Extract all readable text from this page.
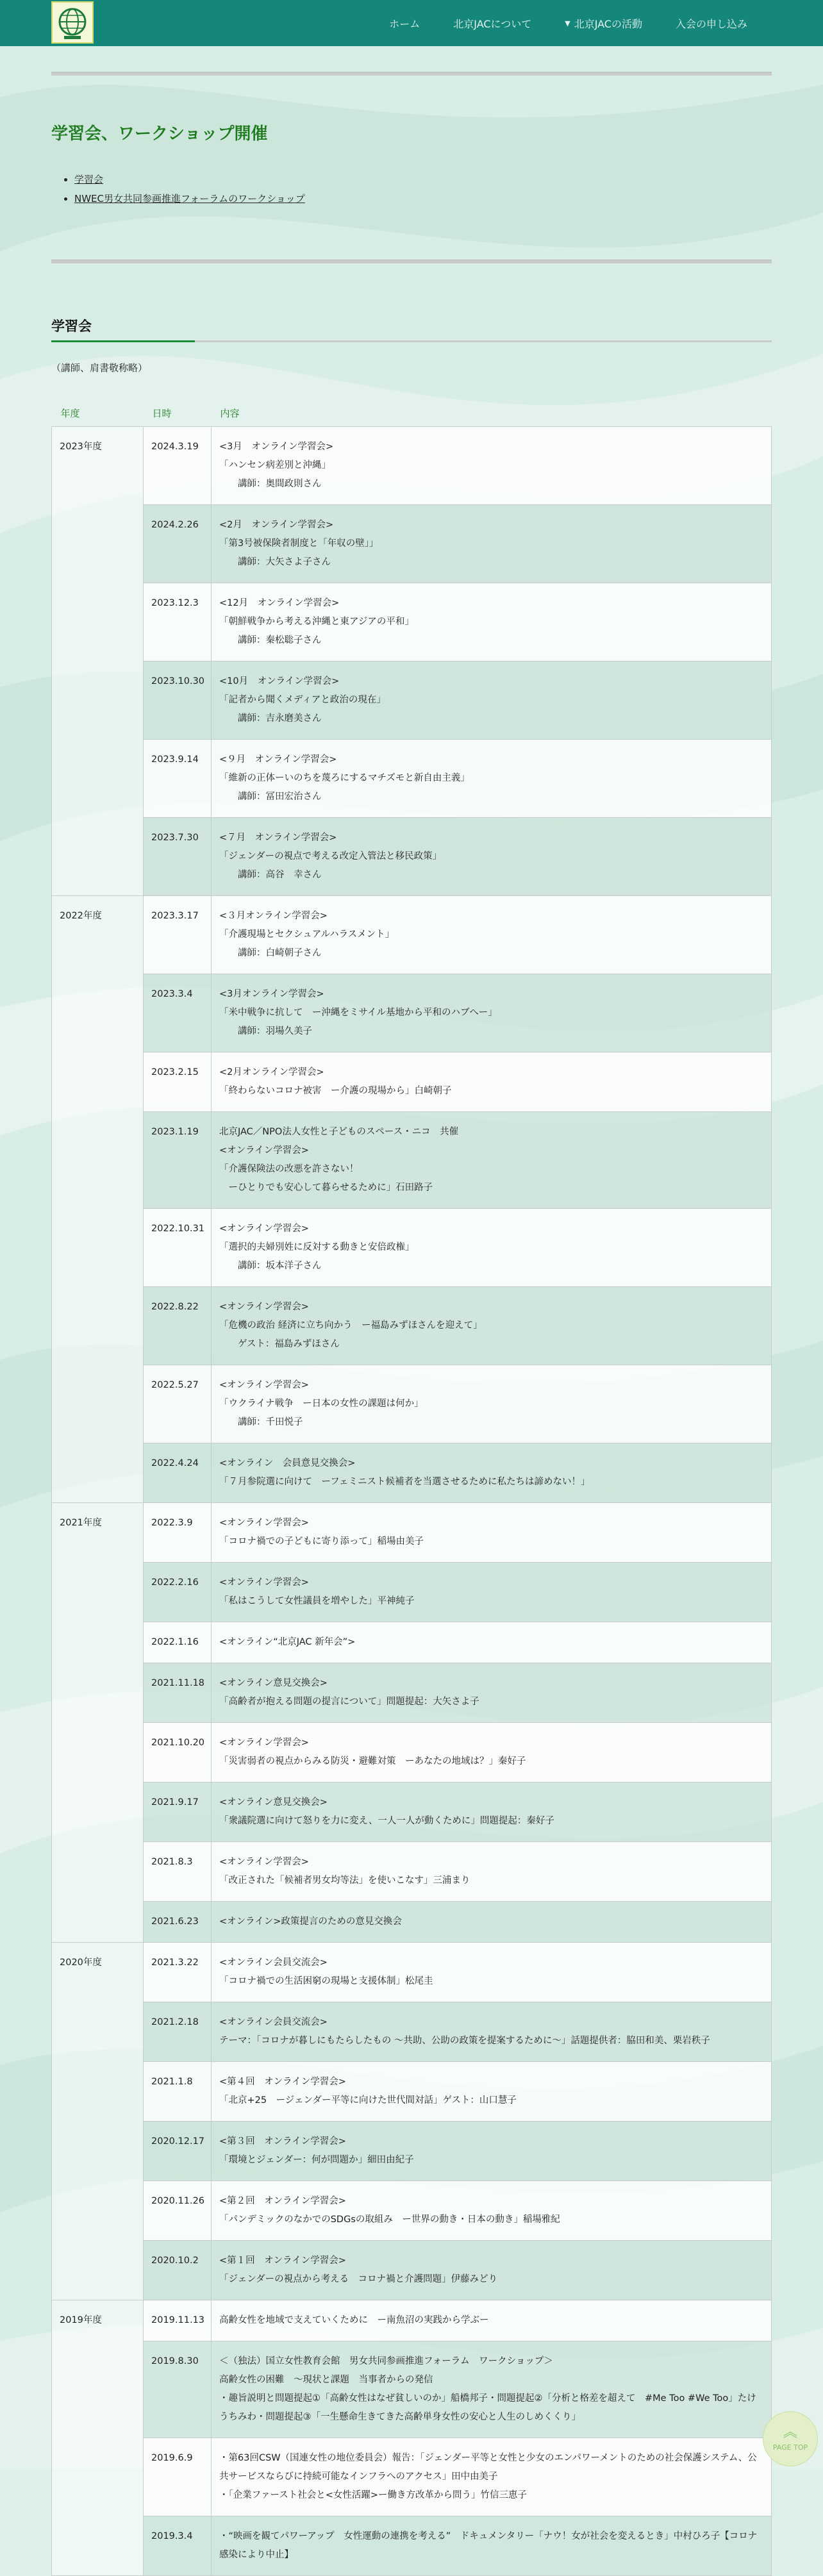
ホーム	北京JACについて	▼ 北京JACの活動	入会の申し込み
学習会、ワークショップ開催
• 学習会
• NWEC男女共同参画推進フォーラムのワークショップ
学習会
（講師、肩書敬称略）
年度	日時	内容
2023年度	2024.3.19	<3月　オンライン学習会>
「ハンセン病差別と沖縄」
　　講師：奥間政則さん

	2024.2.26	<2月　オンライン学習会>
「第3号被保険者制度と「年収の壁」」
　　講師：大矢さよ子さん

	2023.12.3	<12月　オンライン学習会>
「朝鮮戦争から考える沖縄と東アジアの平和」
　　講師：秦松聡子さん

	2023.10.30	<10月　オンライン学習会>
「記者から聞くメディアと政治の現在」
　　講師：吉永磨美さん

	2023.9.14	<９月　オンライン学習会>
「維新の正体ーいのちを蔑ろにするマチズモと新自由主義」
　　講師：冨田宏治さん

	2023.7.30	<７月　オンライン学習会>
「ジェンダーの視点で考える改定入管法と移民政策」
　　講師：高谷　幸さん

2022年度	2023.3.17	<３月オンライン学習会>
「介護現場とセクシュアルハラスメント」
　　講師：白崎朝子さん

	2023.3.4	<3月オンライン学習会>
「米中戦争に抗して　ー沖縄をミサイル基地から平和のハブへー」
　　講師：羽場久美子

	2023.2.15	<2月オンライン学習会>
「終わらないコロナ被害　ー介護の現場から」白崎朝子

	2023.1.19	北京JAC／NPO法人女性と子どものスペース・ニコ　共催
<オンライン学習会>
「介護保険法の改悪を許さない！
　ーひとりでも安心して暮らせるために」石田路子

	2022.10.31	<オンライン学習会>
「選択的夫婦別姓に反対する動きと安倍政権」
　　講師：坂本洋子さん

	2022.8.22	<オンライン学習会>
「危機の政治 経済に立ち向かう　ー福島みずほさんを迎えて」
　　ゲスト：福島みずほさん

	2022.5.27	<オンライン学習会>
「ウクライナ戦争　ー日本の女性の課題は何か」
　　講師：千田悦子

	2022.4.24	<オンライン　会員意見交換会>
「７月参院選に向けて　ーフェミニスト候補者を当選させるために私たちは諦めない！」

2021年度	2022.3.9	<オンライン学習会>
「コロナ禍での子どもに寄り添って」稲場由美子

	2022.2.16	<オンライン学習会>
「私はこうして女性議員を増やした」平神純子

	2022.1.16	<オンライン“北京JAC 新年会”>

	2021.11.18	<オンライン意見交換会>
「高齢者が抱える問題の提言について」問題提起：大矢さよ子

	2021.10.20	<オンライン学習会>
「災害弱者の視点からみる防災・避難対策　ーあなたの地域は？」秦好子

	2021.9.17	<オンライン意見交換会>
「衆議院選に向けて怒りを力に変え、一人一人が動くために」問題提起：秦好子

	2021.8.3	<オンライン学習会>
「改正された「候補者男女均等法」を使いこなす」三浦まり

	2021.6.23	<オンライン>政策提言のための意見交換会

2020年度	2021.3.22	<オンライン会員交流会>
「コロナ禍での生活困窮の現場と支援体制」松尾圭

	2021.2.18	<オンライン会員交流会>
テーマ：「コロナが暮しにもたらしたもの 〜共助、公助の政策を提案するために〜」話題提供者：脇田和美、栗岩秩子

	2021.1.8	<第４回　オンライン学習会>
「北京+25　ージェンダー平等に向けた世代間対話」ゲスト：山口慧子

	2020.12.17	<第３回　オンライン学習会>
「環境とジェンダー：何が問題か」細田由紀子

	2020.11.26	<第２回　オンライン学習会>
「パンデミックのなかでのSDGsの取組み　ー世界の動き・日本の動き」稲場雅紀

	2020.10.2	<第１回　オンライン学習会>
「ジェンダーの視点から考える　コロナ禍と介護問題」伊藤みどり

2019年度	2019.11.13	高齢女性を地域で支えていくために　ー南魚沼の実践から学ぶー

	2019.8.30	＜（独法）国立女性教育会館　男女共同参画推進フォーラム　ワークショップ＞
高齢女性の困難　〜現状と課題　当事者からの発信
・趣旨説明と問題提起①「高齢女性はなぜ貧しいのか」船橋邦子・問題提起②「分析と格差を超えて　#Me Too #We Too」たけうちみわ・問題提起③「一生懸命生きてきた高齢単身女性の安心と人生のしめくくり」

	2019.6.9	・第63回CSW（国連女性の地位委員会）報告：「ジェンダー平等と女性と少女のエンパワーメントのための社会保護システム、公共サービスならびに持続可能なインフラへのアクセス」田中由美子
・「企業ファースト社会と<女性活躍>ー働き方改革から問う」竹信三恵子

	2019.3.4	・“映画を観てパワーアップ　女性運動の連携を考える”　ドキュメンタリー「ナウ！女が社会を変えるとき」中村ひろ子【コロナ感染により中止】
︽
PAGE TOP
